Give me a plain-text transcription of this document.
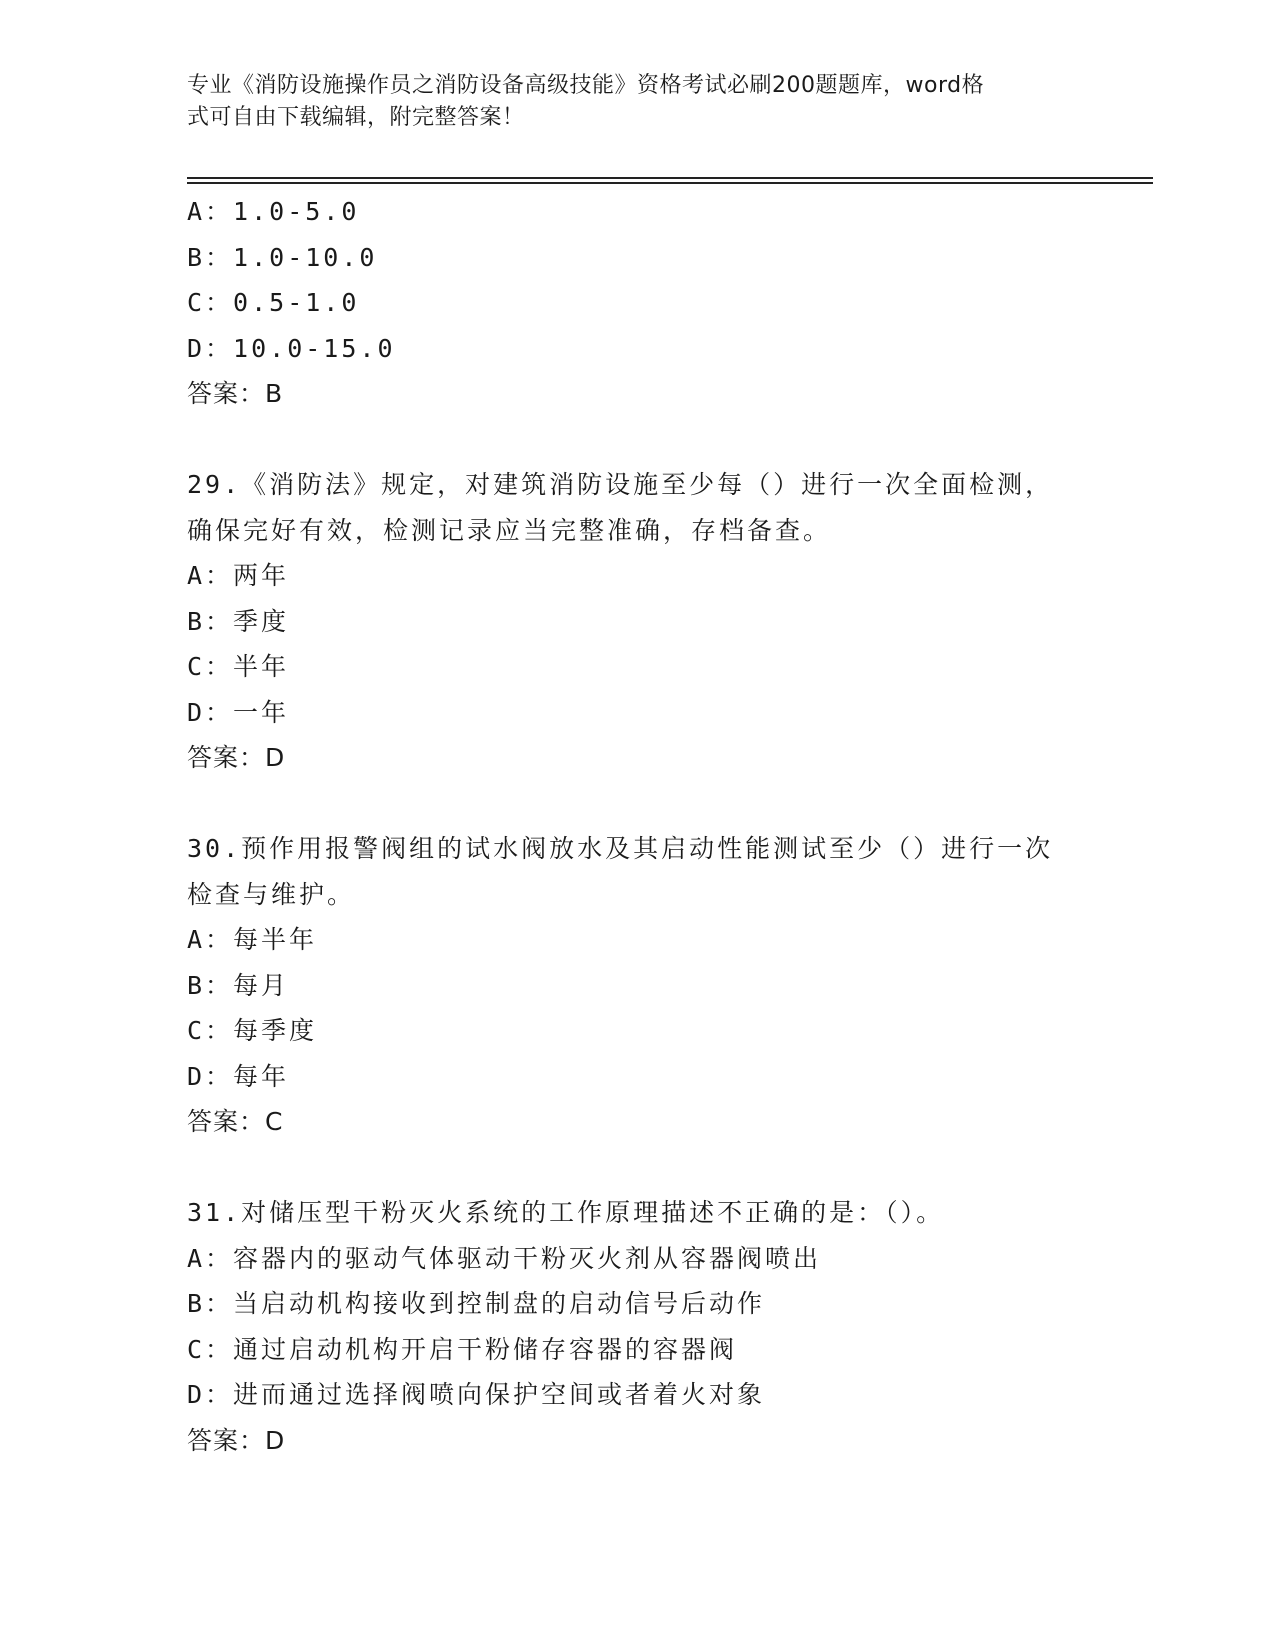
专业《消防设施操作员之消防设备高级技能》资格考试必刷200题题库，word格
式可自由下载编辑，附完整答案！
A：1.0-5.0
B：1.0-10.0
C：0.5-1.0
D：10.0-15.0
答案：B
29.《消防法》规定，对建筑消防设施至少每（）进行一次全面检测，
确保完好有效，检测记录应当完整准确，存档备查。
A：两年
B：季度
C：半年
D：一年
答案：D
30.预作用报警阀组的试水阀放水及其启动性能测试至少（）进行一次
检查与维护。
A：每半年
B：每月
C：每季度
D：每年
答案：C
31.对储压型干粉灭火系统的工作原理描述不正确的是：（）。
A：容器内的驱动气体驱动干粉灭火剂从容器阀喷出
B：当启动机构接收到控制盘的启动信号后动作
C：通过启动机构开启干粉储存容器的容器阀
D：进而通过选择阀喷向保护空间或者着火对象
答案：D
